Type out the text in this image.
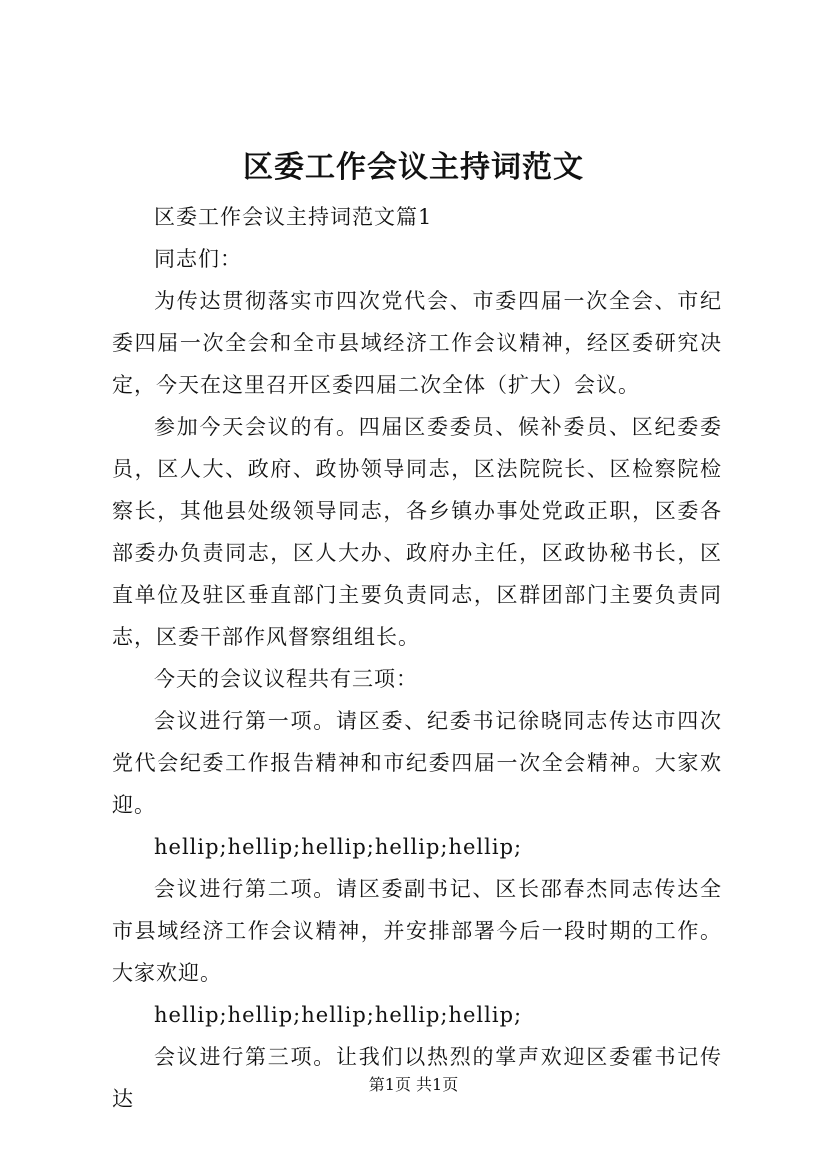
区委工作会议主持词范文

区委工作会议主持词范文篇1

同志们：

为传达贯彻落实市四次党代会、市委四届一次全会、市纪委四届一次全会和全市县域经济工作会议精神，经区委研究决定，今天在这里召开区委四届二次全体（扩大）会议。

参加今天会议的有。四届区委委员、候补委员、区纪委委员，区人大、政府、政协领导同志，区法院院长、区检察院检察长，其他县处级领导同志，各乡镇办事处党政正职，区委各部委办负责同志，区人大办、政府办主任，区政协秘书长，区直单位及驻区垂直部门主要负责同志，区群团部门主要负责同志，区委干部作风督察组组长。

今天的会议议程共有三项：

会议进行第一项。请区委、纪委书记徐晓同志传达市四次党代会纪委工作报告精神和市纪委四届一次全会精神。大家欢迎。

hellip;hellip;hellip;hellip;hellip;

会议进行第二项。请区委副书记、区长邵春杰同志传达全市县域经济工作会议精神，并安排部署今后一段时期的工作。大家欢迎。

hellip;hellip;hellip;hellip;hellip;

会议进行第三项。让我们以热烈的掌声欢迎区委霍书记传达

第1页 共1页
